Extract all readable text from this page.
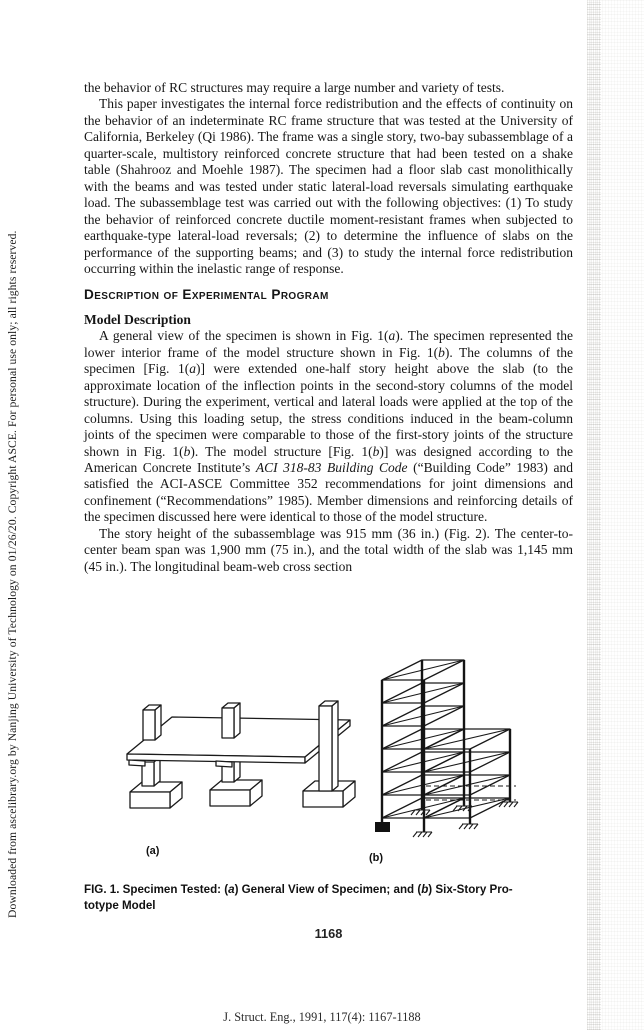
Downloaded from ascelibrary.org by Nanjing University of Technology on 01/26/20. Copyright ASCE. For personal use only; all rights reserved.

the behavior of RC structures may require a large number and variety of tests.

This paper investigates the internal force redistribution and the effects of continuity on the behavior of an indeterminate RC frame structure that was tested at the University of California, Berkeley (Qi 1986). The frame was a single story, two-bay subassemblage of a quarter-scale, multistory reinforced concrete structure that had been tested on a shake table (Shahrooz and Moehle 1987). The specimen had a floor slab cast monolithically with the beams and was tested under static lateral-load reversals simulating earthquake load. The subassemblage test was carried out with the following objectives: (1) To study the behavior of reinforced concrete ductile moment-resistant frames when subjected to earthquake-type lateral-load reversals; (2) to determine the influence of slabs on the performance of the supporting beams; and (3) to study the internal force redistribution occurring within the inelastic range of response.

Description of Experimental Program
Model Description

A general view of the specimen is shown in Fig. 1(a). The specimen represented the lower interior frame of the model structure shown in Fig. 1(b). The columns of the specimen [Fig. 1(a)] were extended one-half story height above the slab (to the approximate location of the inflection points in the second-story columns of the model structure). During the experiment, vertical and lateral loads were applied at the top of the columns. Using this loading setup, the stress conditions induced in the beam-column joints of the specimen were comparable to those of the first-story joints of the structure shown in Fig. 1(b). The model structure [Fig. 1(b)] was designed according to the American Concrete Institute’s ACI 318-83 Building Code (“Building Code” 1983) and satisfied the ACI-ASCE Committee 352 recommendations for joint dimensions and confinement (“Recommendations” 1985). Member dimensions and reinforcing details of the specimen discussed here were identical to those of the model structure.

The story height of the subassemblage was 915 mm (36 in.) (Fig. 2). The center-to-center beam span was 1,900 mm (75 in.), and the total width of the slab was 1,145 mm (45 in.). The longitudinal beam-web cross section

(a)
(b)
FIG. 1. Specimen Tested: (a) General View of Specimen; and (b) Six-Story Pro-
totype Model
1168
J. Struct. Eng., 1991, 117(4): 1167-1188
